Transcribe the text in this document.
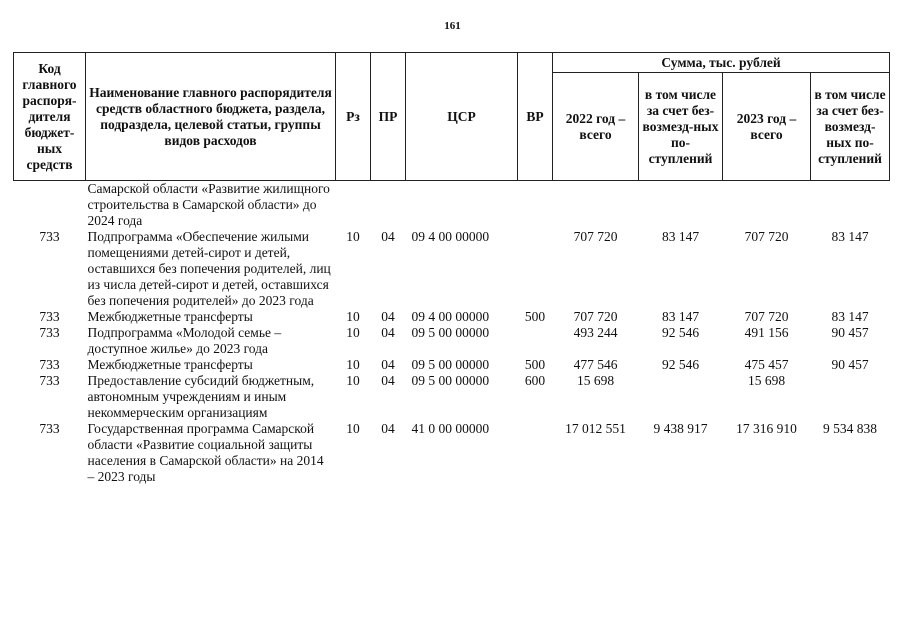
161
Код главного распоря-дителя бюджет-ных средств	Наименование главного распорядителя средств областного бюджета, раздела, подраздела, целевой статьи, группы видов расходов	Рз	ПР	ЦСР	ВР	Сумма, тыс. рублей			
						2022 год – всего	в том числе за счет без-возмезд-ных по-ступлений	2023 год – всего	в том числе за счет без-возмезд-ных по-ступлений
	Самарской области «Развитие жилищного строительства в Самарской области» до 2024 года								
733	Подпрограмма «Обеспечение жилыми помещениями детей-сирот и детей, оставшихся без попечения родителей, лиц из числа детей-сирот и детей, оставшихся без попечения родителей» до 2023 года	10	04	09 4 00 00000		707 720	83 147	707 720	83 147
733	Межбюджетные трансферты	10	04	09 4 00 00000	500	707 720	83 147	707 720	83 147
733	Подпрограмма «Молодой семье – доступное жилье» до 2023 года	10	04	09 5 00 00000		493 244	92 546	491 156	90 457
733	Межбюджетные трансферты	10	04	09 5 00 00000	500	477 546	92 546	475 457	90 457
733	Предоставление субсидий бюджетным, автономным учреждениям и иным некоммерческим организациям	10	04	09 5 00 00000	600	15 698		15 698	
733	Государственная программа Самарской области «Развитие социальной защиты населения в Самарской области» на 2014 – 2023 годы	10	04	41 0 00 00000		17 012 551	9 438 917	17 316 910	9 534 838
